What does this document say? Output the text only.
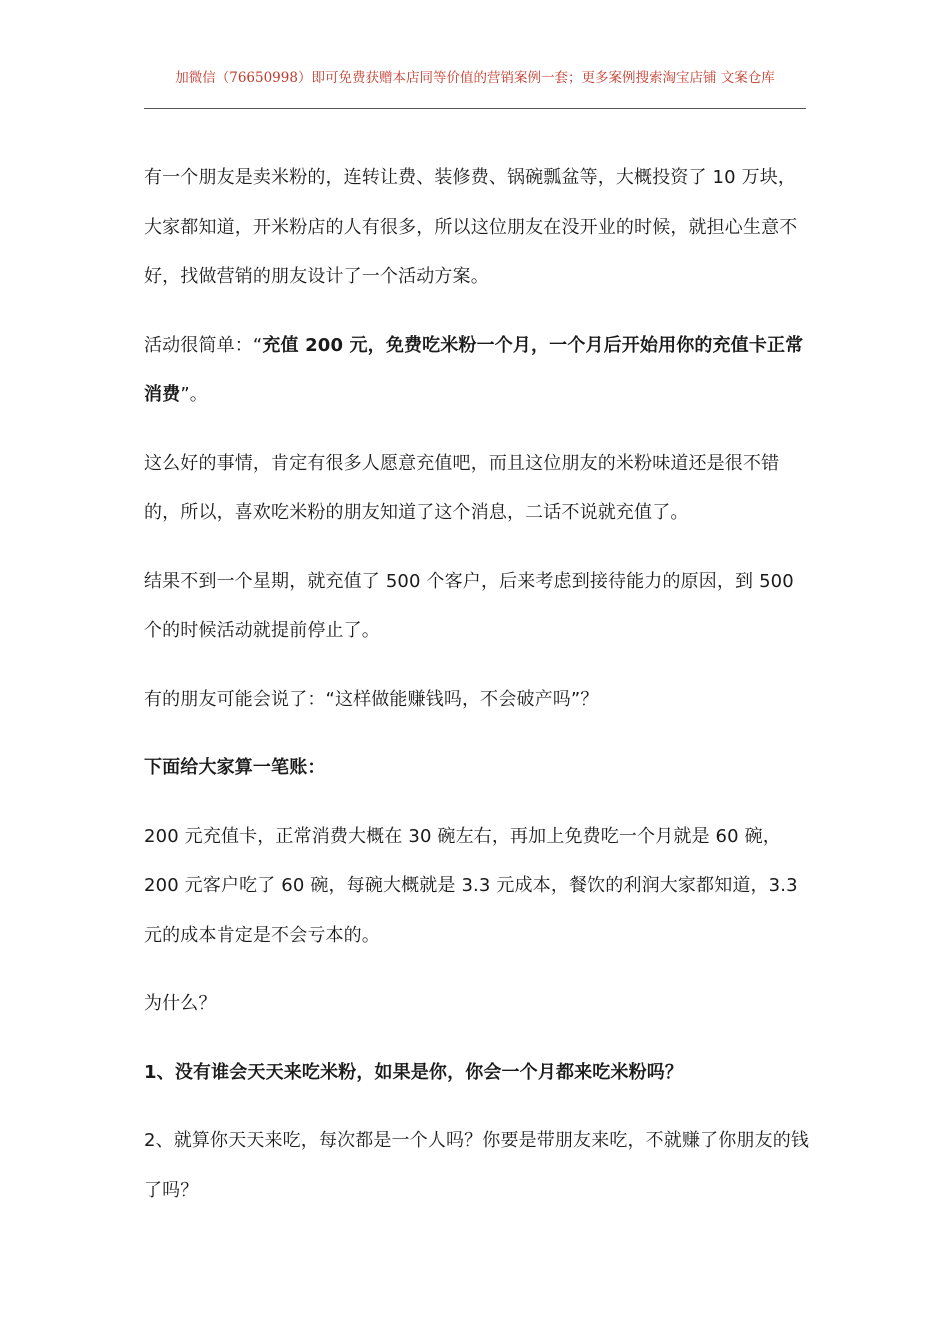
加微信（76650998）即可免费获赠本店同等价值的营销案例一套；更多案例搜索淘宝店铺 文案仓库

有一个朋友是卖米粉的，连转让费、装修费、锅碗瓢盆等，大概投资了 10 万块，大家都知道，开米粉店的人有很多，所以这位朋友在没开业的时候，就担心生意不好，找做营销的朋友设计了一个活动方案。

活动很简单：“充值 200 元，免费吃米粉一个月，一个月后开始用你的充值卡正常消费”。

这么好的事情，肯定有很多人愿意充值吧，而且这位朋友的米粉味道还是很不错的，所以，喜欢吃米粉的朋友知道了这个消息，二话不说就充值了。

结果不到一个星期，就充值了 500 个客户，后来考虑到接待能力的原因，到 500 个的时候活动就提前停止了。

有的朋友可能会说了：“这样做能赚钱吗，不会破产吗”？

下面给大家算一笔账：

200 元充值卡，正常消费大概在 30 碗左右，再加上免费吃一个月就是 60 碗，200 元客户吃了 60 碗，每碗大概就是 3.3 元成本，餐饮的利润大家都知道，3.3 元的成本肯定是不会亏本的。

为什么？

1、没有谁会天天来吃米粉，如果是你，你会一个月都来吃米粉吗？

2、就算你天天来吃，每次都是一个人吗？你要是带朋友来吃，不就赚了你朋友的钱了吗？
